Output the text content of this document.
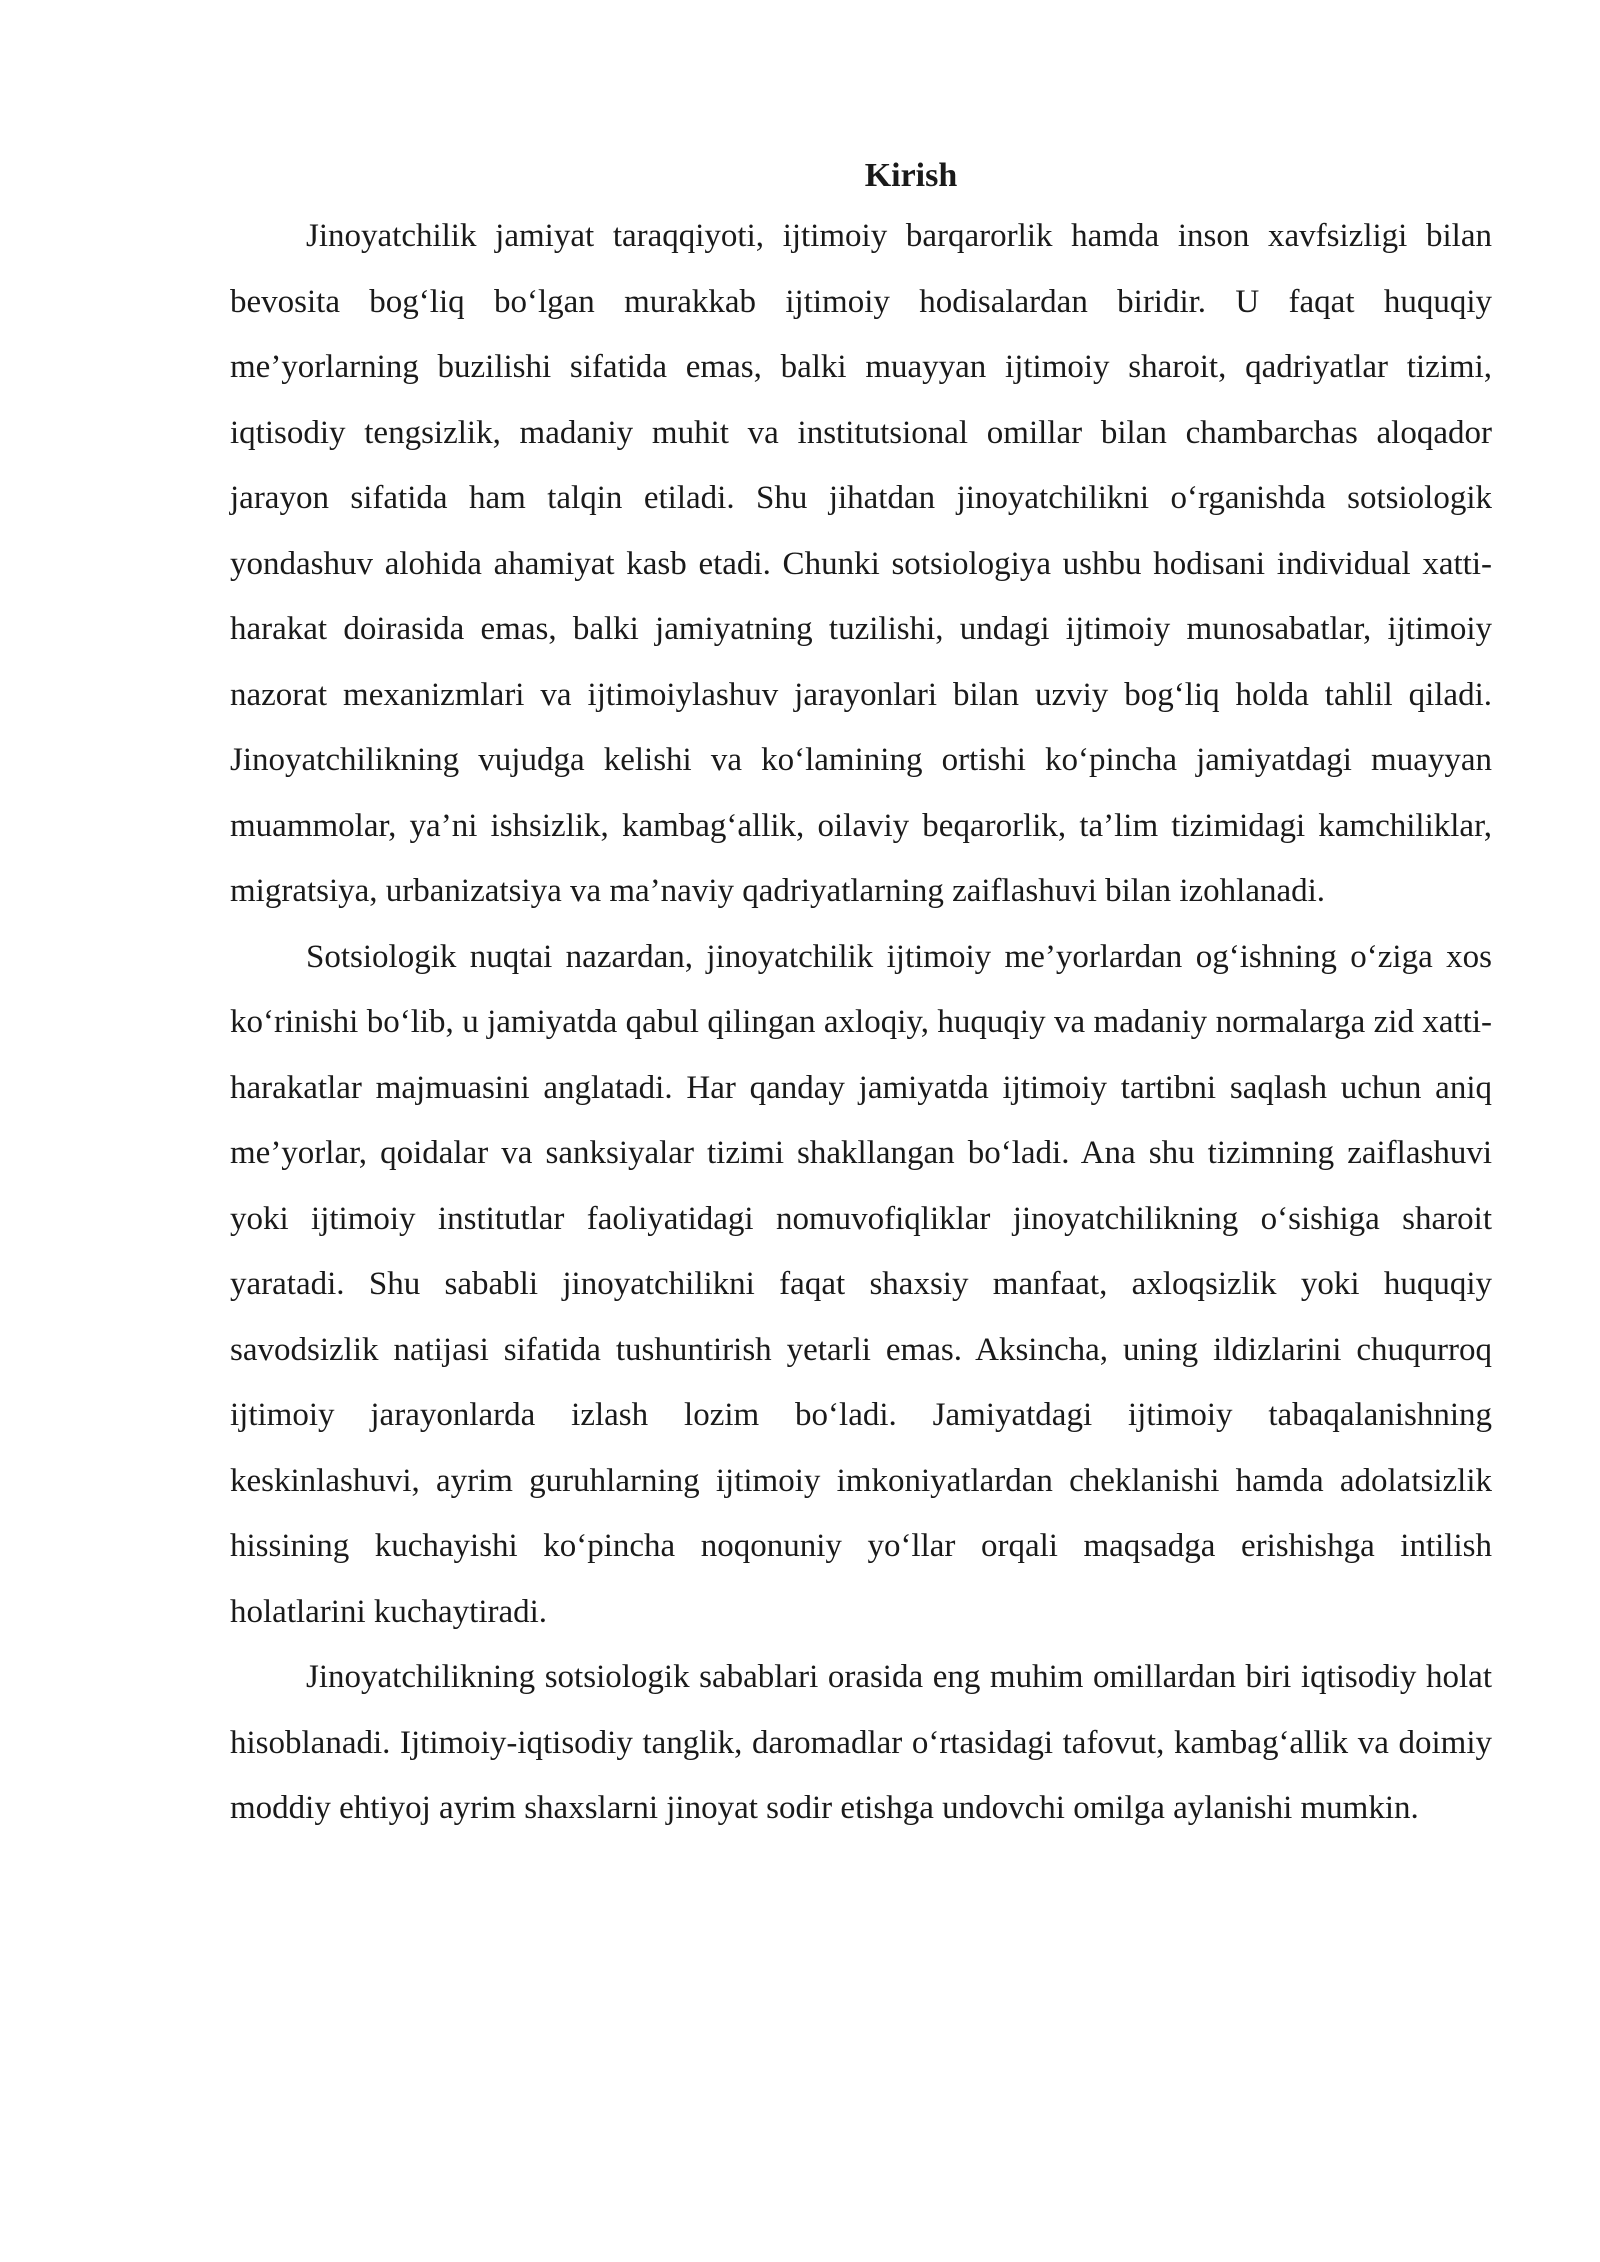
Kirish

Jinoyatchilik jamiyat taraqqiyoti, ijtimoiy barqarorlik hamda inson xavfsizligi bilan bevosita bog‘liq bo‘lgan murakkab ijtimoiy hodisalardan biridir. U faqat huquqiy me’yorlarning buzilishi sifatida emas, balki muayyan ijtimoiy sharoit, qadriyatlar tizimi, iqtisodiy tengsizlik, madaniy muhit va institutsional omillar bilan chambarchas aloqador jarayon sifatida ham talqin etiladi. Shu jihatdan jinoyatchilikni o‘rganishda sotsiologik yondashuv alohida ahamiyat kasb etadi. Chunki sotsiologiya ushbu hodisani individual xatti-harakat doirasida emas, balki jamiyatning tuzilishi, undagi ijtimoiy munosabatlar, ijtimoiy nazorat mexanizmlari va ijtimoiylashuv jarayonlari bilan uzviy bog‘liq holda tahlil qiladi. Jinoyatchilikning vujudga kelishi va ko‘lamining ortishi ko‘pincha jamiyatdagi muayyan muammolar, ya’ni ishsizlik, kambag‘allik, oilaviy beqarorlik, ta’lim tizimidagi kamchiliklar, migratsiya, urbanizatsiya va ma’naviy qadriyatlarning zaiflashuvi bilan izohlanadi.

Sotsiologik nuqtai nazardan, jinoyatchilik ijtimoiy me’yorlardan og‘ishning o‘ziga xos ko‘rinishi bo‘lib, u jamiyatda qabul qilingan axloqiy, huquqiy va madaniy normalarga zid xatti-harakatlar majmuasini anglatadi. Har qanday jamiyatda ijtimoiy tartibni saqlash uchun aniq me’yorlar, qoidalar va sanksiyalar tizimi shakllangan bo‘ladi. Ana shu tizimning zaiflashuvi yoki ijtimoiy institutlar faoliyatidagi nomuvofiqliklar jinoyatchilikning o‘sishiga sharoit yaratadi. Shu sababli jinoyatchilikni faqat shaxsiy manfaat, axloqsizlik yoki huquqiy savodsizlik natijasi sifatida tushuntirish yetarli emas. Aksincha, uning ildizlarini chuqurroq ijtimoiy jarayonlarda izlash lozim bo‘ladi. Jamiyatdagi ijtimoiy tabaqalanishning keskinlashuvi, ayrim guruhlarning ijtimoiy imkoniyatlardan cheklanishi hamda adolatsizlik hissining kuchayishi ko‘pincha noqonuniy yo‘llar orqali maqsadga erishishga intilish holatlarini kuchaytiradi.

Jinoyatchilikning sotsiologik sabablari orasida eng muhim omillardan biri iqtisodiy holat hisoblanadi. Ijtimoiy-iqtisodiy tanglik, daromadlar o‘rtasidagi tafovut, kambag‘allik va doimiy moddiy ehtiyoj ayrim shaxslarni jinoyat sodir etishga undovchi omilga aylanishi mumkin.
